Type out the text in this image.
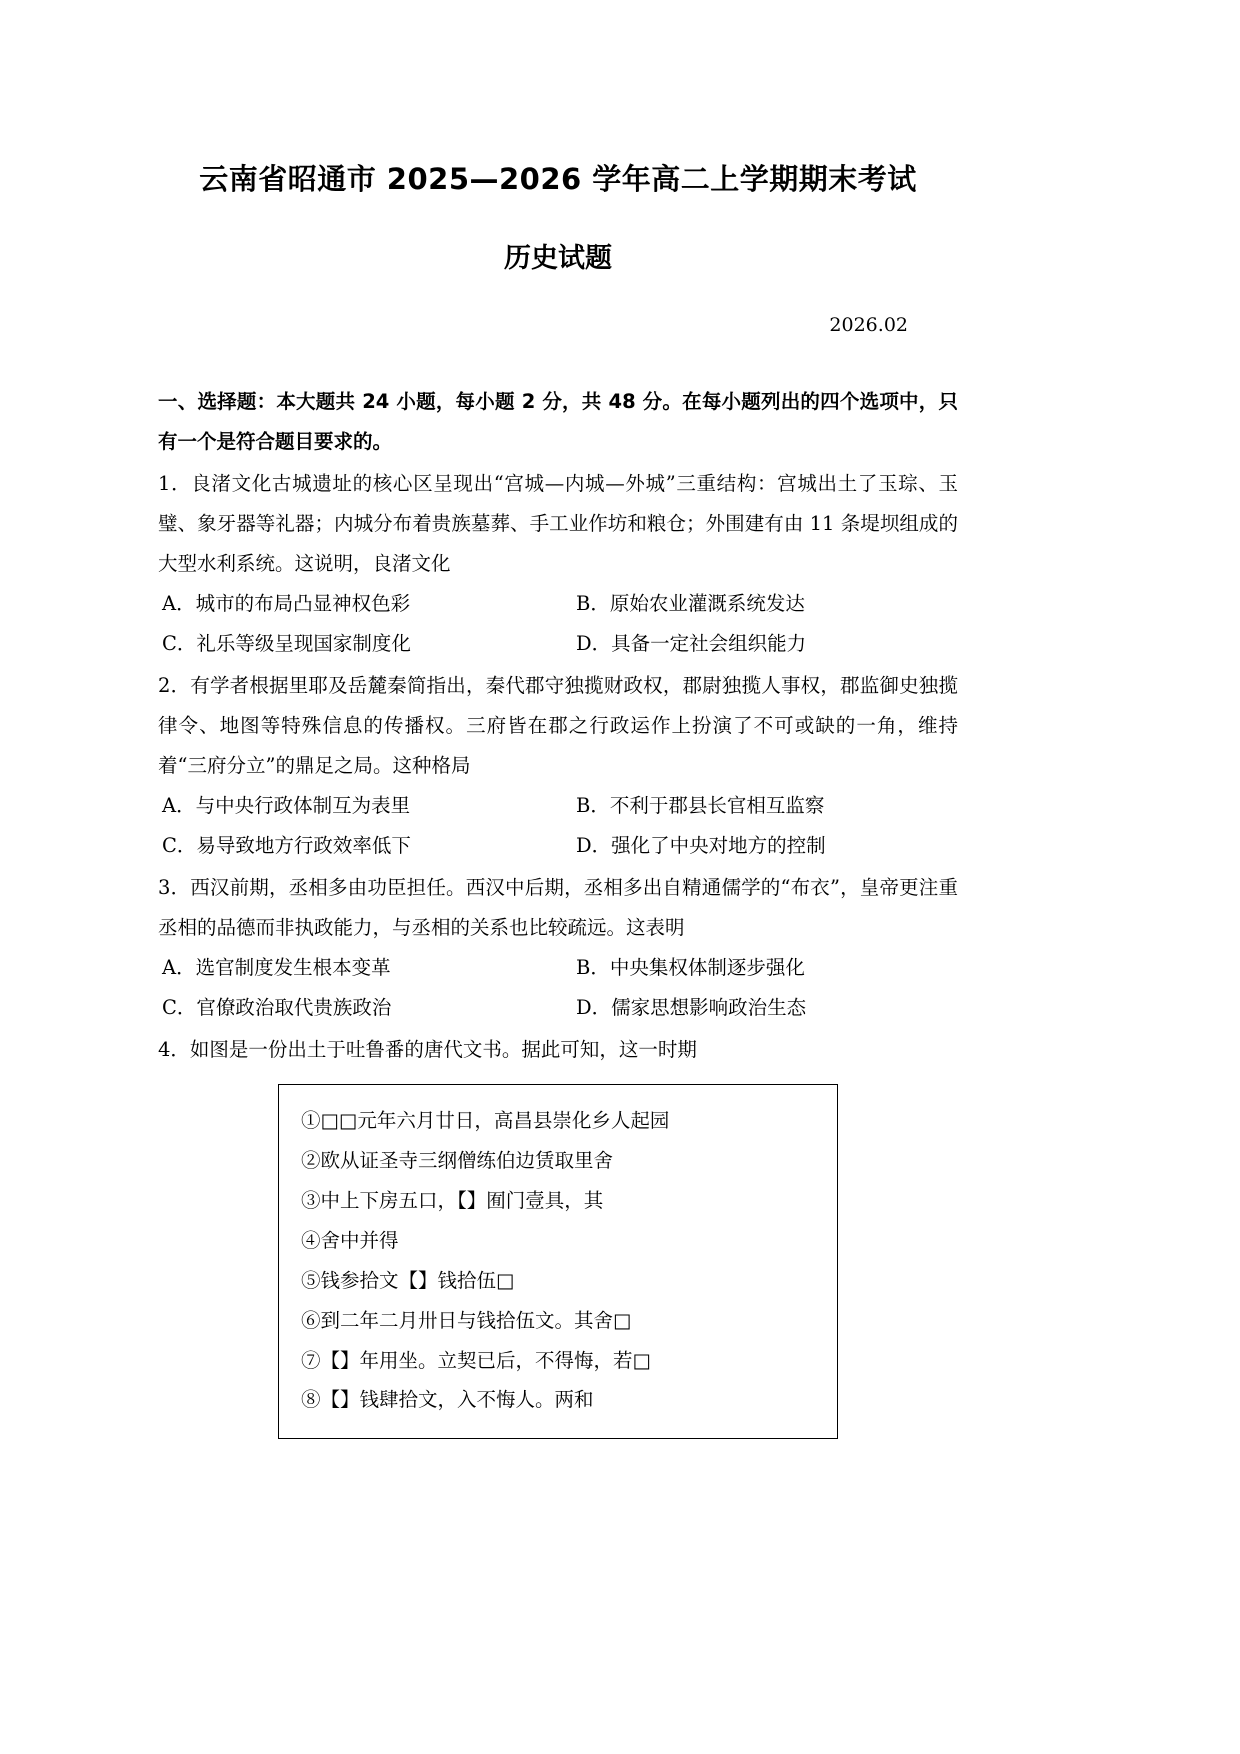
云南省昭通市 2025—2026 学年高二上学期期末考试
历史试题
2026.02

一、选择题：本大题共 24 小题，每小题 2 分，共 48 分。在每小题列出的四个选项中，只有一个是符合题目要求的。

1．良渚文化古城遗址的核心区呈现出“宫城—内城—外城”三重结构：宫城出土了玉琮、玉璧、象牙器等礼器；内城分布着贵族墓葬、手工业作坊和粮仓；外围建有由 11 条堤坝组成的大型水利系统。这说明，良渚文化
A．城市的布局凸显神权色彩	B．原始农业灌溉系统发达
C．礼乐等级呈现国家制度化	D．具备一定社会组织能力
2．有学者根据里耶及岳麓秦简指出，秦代郡守独揽财政权，郡尉独揽人事权，郡监御史独揽律令、地图等特殊信息的传播权。三府皆在郡之行政运作上扮演了不可或缺的一角，维持着“三府分立”的鼎足之局。这种格局
A．与中央行政体制互为表里	B．不利于郡县长官相互监察
C．易导致地方行政效率低下	D．强化了中央对地方的控制
3．西汉前期，丞相多由功臣担任。西汉中后期，丞相多出自精通儒学的“布衣”，皇帝更注重丞相的品德而非执政能力，与丞相的关系也比较疏远。这表明
A．选官制度发生根本变革	B．中央集权体制逐步强化
C．官僚政治取代贵族政治	D．儒家思想影响政治生态
4．如图是一份出土于吐鲁番的唐代文书。据此可知，这一时期
①□□元年六月廿日，高昌县崇化乡人起园
②欧从证圣寺三纲僧练伯边赁取里舍
③中上下房五口，【】囿门壹具，其
④舍中并得
⑤钱参拾文【】钱拾伍□
⑥到二年二月卅日与钱拾伍文。其舍□
⑦【】年用坐。立契已后，不得悔，若□
⑧【】钱肆拾文，入不悔人。两和
